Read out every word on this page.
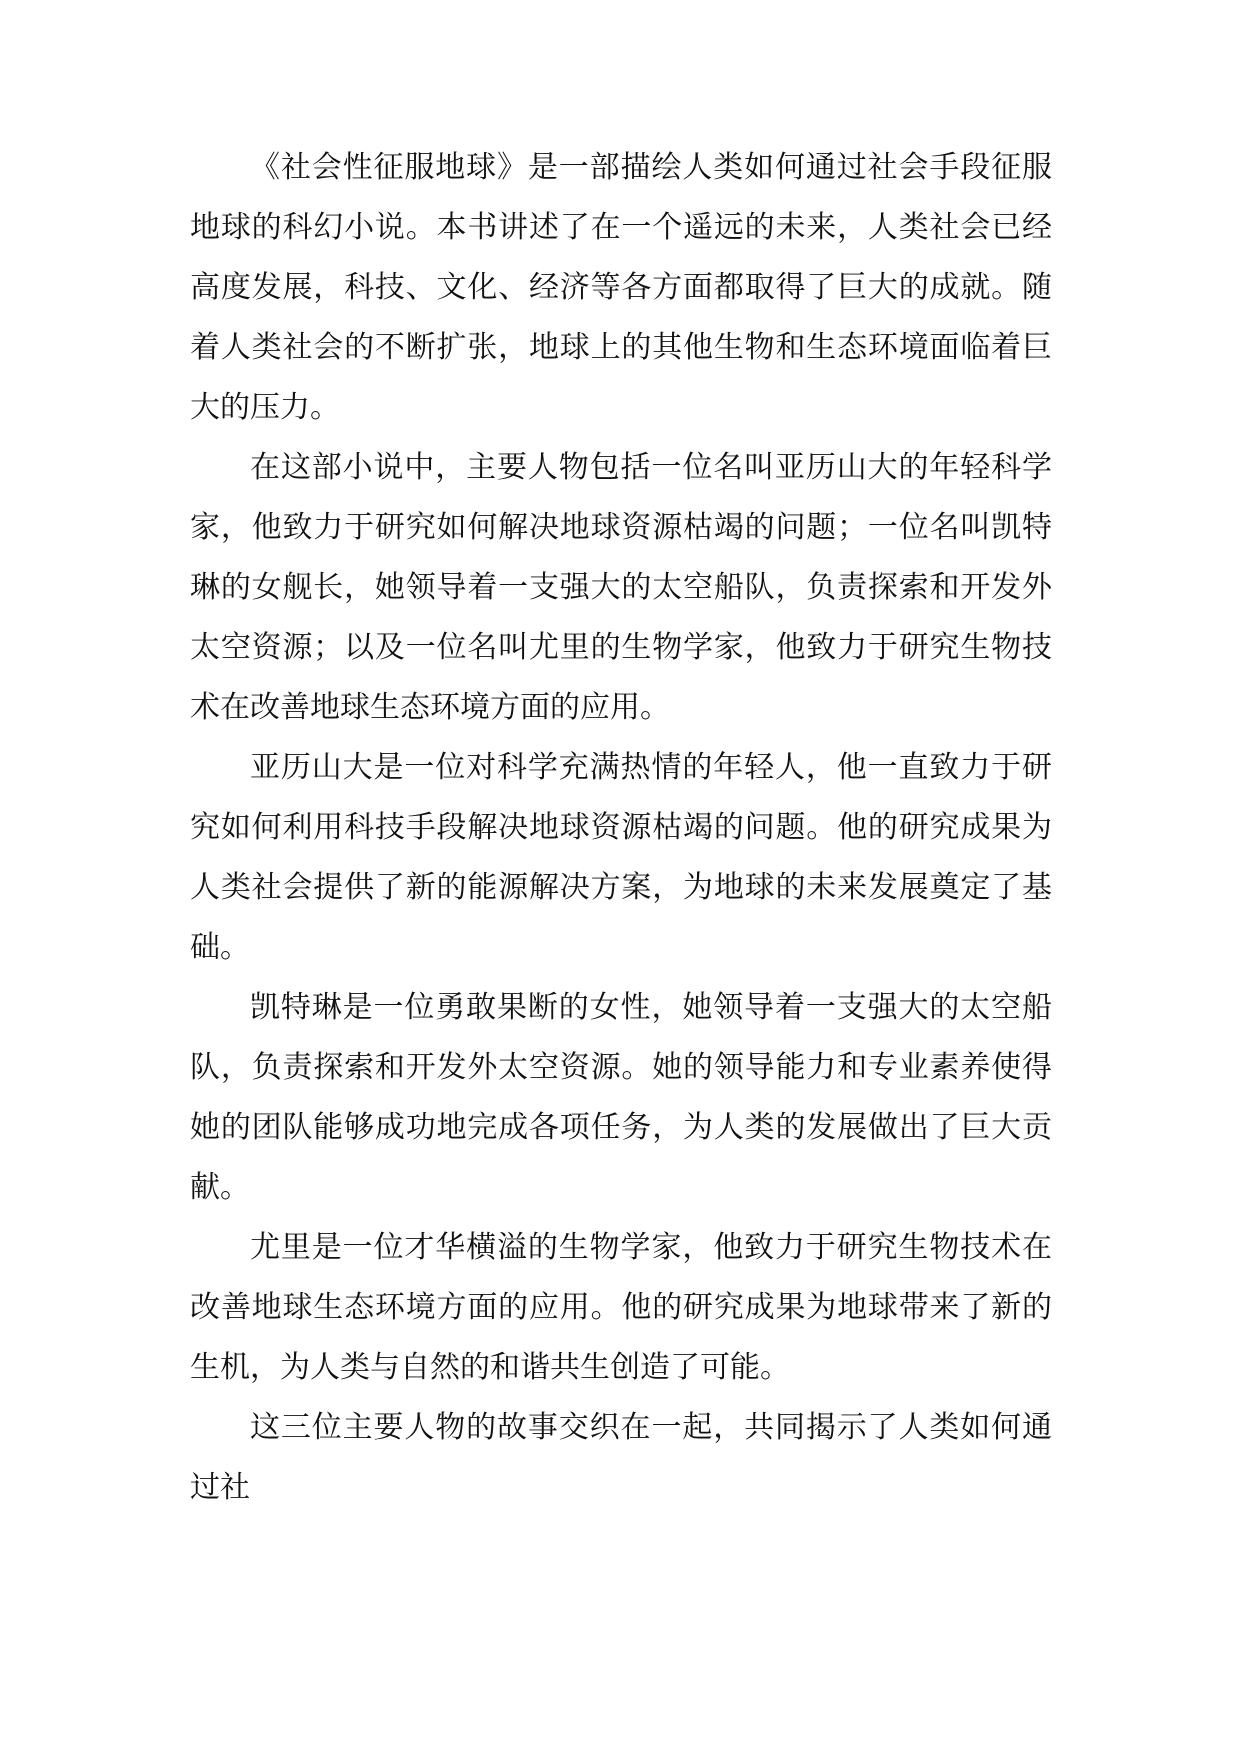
《社会性征服地球》是一部描绘人类如何通过社会手段征服地球的科幻小说。本书讲述了在一个遥远的未来，人类社会已经高度发展，科技、文化、经济等各方面都取得了巨大的成就。随着人类社会的不断扩张，地球上的其他生物和生态环境面临着巨大的压力。

在这部小说中，主要人物包括一位名叫亚历山大的年轻科学家，他致力于研究如何解决地球资源枯竭的问题；一位名叫凯特琳的女舰长，她领导着一支强大的太空船队，负责探索和开发外太空资源；以及一位名叫尤里的生物学家，他致力于研究生物技术在改善地球生态环境方面的应用。

亚历山大是一位对科学充满热情的年轻人，他一直致力于研究如何利用科技手段解决地球资源枯竭的问题。他的研究成果为人类社会提供了新的能源解决方案，为地球的未来发展奠定了基础。

凯特琳是一位勇敢果断的女性，她领导着一支强大的太空船队，负责探索和开发外太空资源。她的领导能力和专业素养使得她的团队能够成功地完成各项任务，为人类的发展做出了巨大贡献。

尤里是一位才华横溢的生物学家，他致力于研究生物技术在改善地球生态环境方面的应用。他的研究成果为地球带来了新的生机，为人类与自然的和谐共生创造了可能。

这三位主要人物的故事交织在一起，共同揭示了人类如何通过社
